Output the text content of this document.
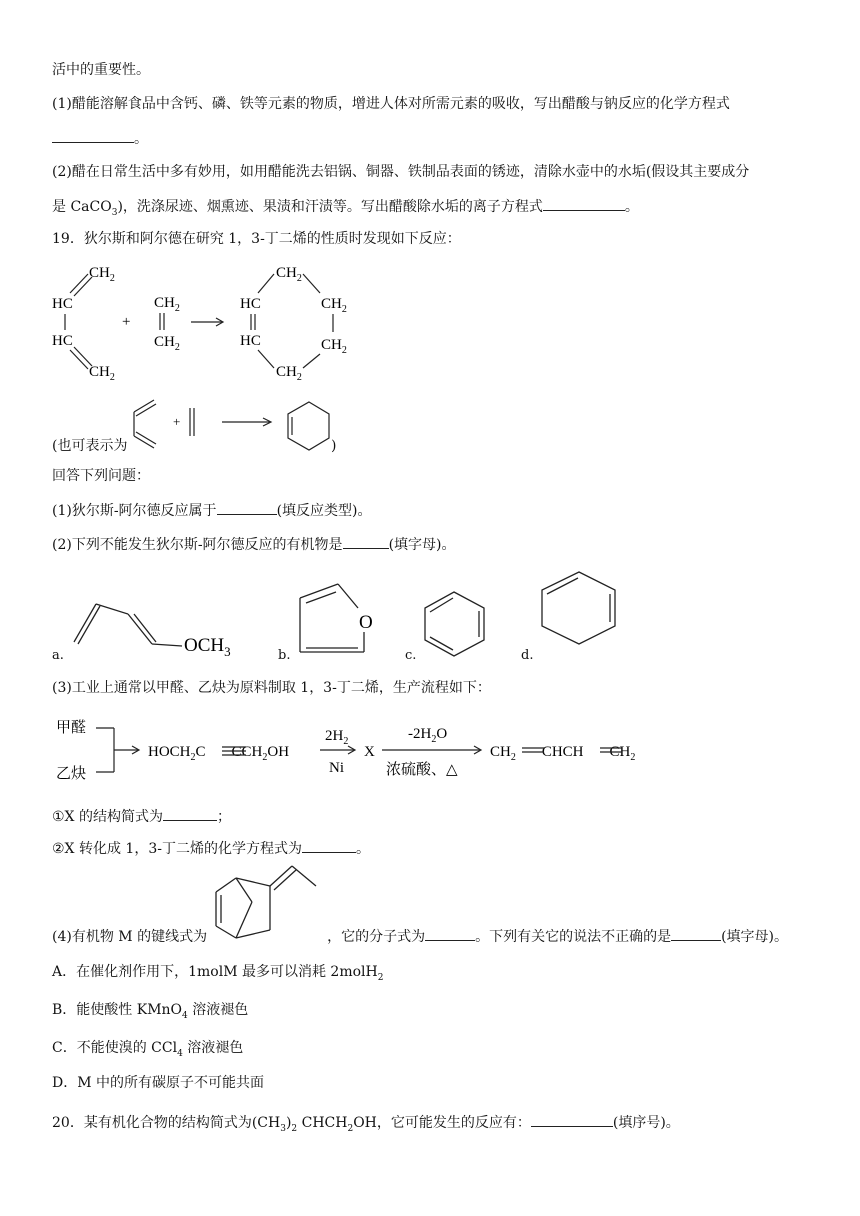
活中的重要性。
(1)醋能溶解食品中含钙、磷、铁等元素的物质，增进人体对所需元素的吸收，写出醋酸与钠反应的化学方程式
。
(2)醋在日常生活中多有妙用，如用醋能洗去铝锅、铜器、铁制品表面的锈迹，清除水壶中的水垢(假设其主要成分
是 CaCO$_3$)，洗涤尿迹、烟熏迹、果渍和汗渍等。写出醋酸除水垢的离子方程式	。
19．狄尔斯和阿尔德在研究 1，3-丁二烯的性质时发现如下反应：
$CH_2$
HC
HC
$CH_2$
+
$CH_2$
$CH_2$
$CH_2$
HC	$CH_2$
HC	$CH_2$
$CH_2$
(也可表示为
+
)
回答下列问题：
(1)狄尔斯-阿尔德反应属于	(填反应类型)。
(2)下列不能发生狄尔斯-阿尔德反应的有机物是	(填字母)。
$OCH_3$
O
a.	b.	c.	d.
(3)工业上通常以甲醛、乙炔为原料制取 1，3-丁二烯，生产流程如下：
甲醛
乙炔
$HOCH_2C$ $CCH_2OH$
$2H_2$
Ni
X
$-2H_2O$
浓硫酸、△
$CH_2$ CHCH $CH_2$
①X 的结构简式为	；
②X 转化成 1，3-丁二烯的化学方程式为	。
(4)有机物 M 的键线式为	，它的分子式为	。下列有关它的说法不正确的是	(填字母)。
A．在催化剂作用下，1molM 最多可以消耗 2molH$_2$
B．能使酸性 KMnO$_4$ 溶液褪色
C．不能使溴的 CCl$_4$ 溶液褪色
D．M 中的所有碳原子不可能共面
20．某有机化合物的结构简式为$(CH_3)_2$ $CHCH_2OH$，它可能发生的反应有：	(填序号)。
